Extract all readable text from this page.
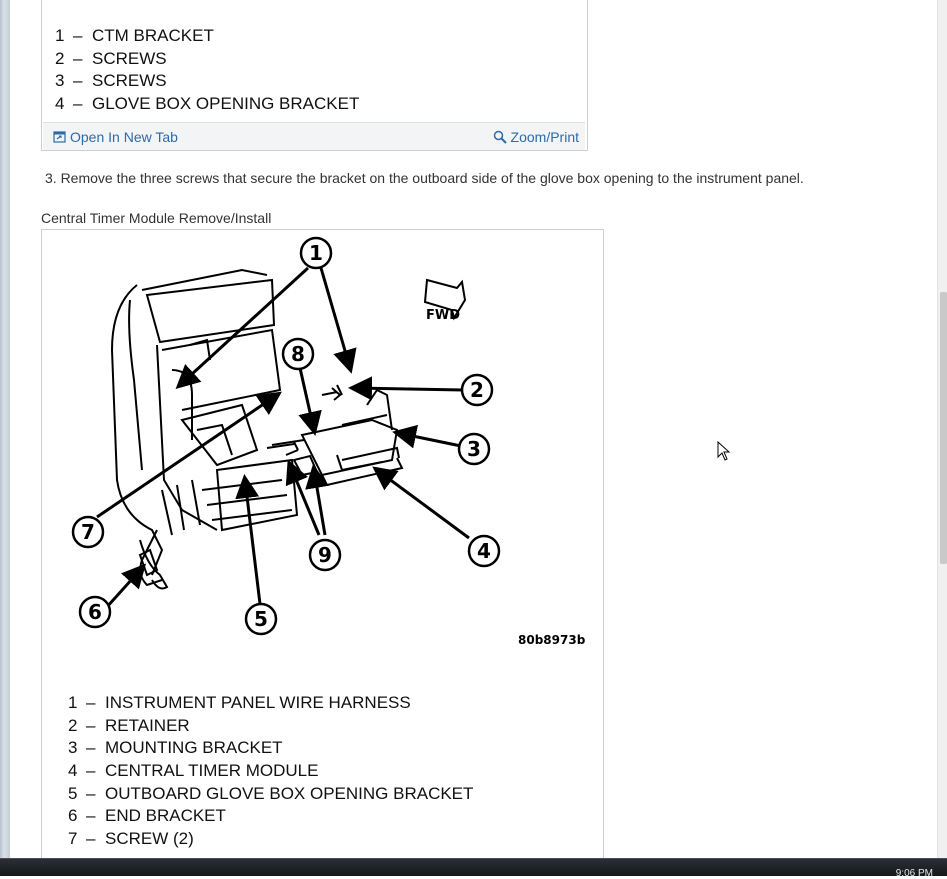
1 – CTM BRACKET
2 – SCREWS
3 – SCREWS
4 – GLOVE BOX OPENING BRACKET
Open In New Tab	Zoom/Print
3. Remove the three screws that secure the bracket on the outboard side of the glove box opening to the instrument panel.
Central Timer Module Remove/Install
FWD
1
2
3
4
5
6
7
8
9
80b8973b
1 – INSTRUMENT PANEL WIRE HARNESS
2 – RETAINER
3 – MOUNTING BRACKET
4 – CENTRAL TIMER MODULE
5 – OUTBOARD GLOVE BOX OPENING BRACKET
6 – END BRACKET
7 – SCREW (2)
9:06 PM
